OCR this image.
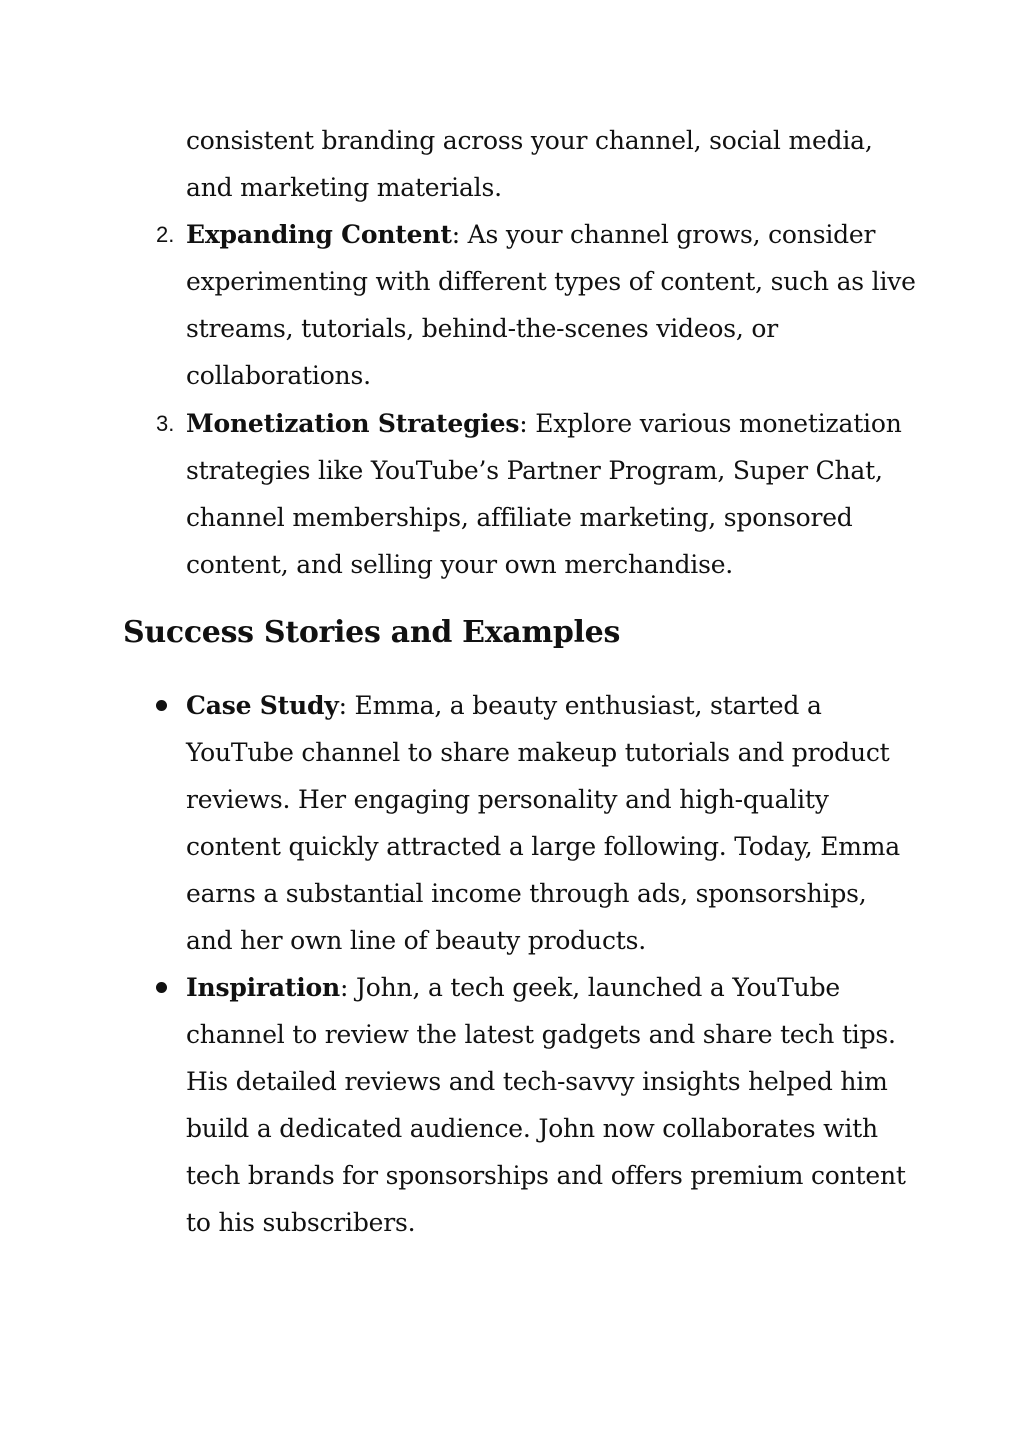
consistent branding across your channel, social media, and marketing materials.
2. Expanding Content: As your channel grows, consider experimenting with different types of content, such as live streams, tutorials, behind-the-scenes videos, or collaborations.
3. Monetization Strategies: Explore various monetization strategies like YouTube’s Partner Program, Super Chat, channel memberships, affiliate marketing, sponsored content, and selling your own merchandise.
Success Stories and Examples
Case Study: Emma, a beauty enthusiast, started a YouTube channel to share makeup tutorials and product reviews. Her engaging personality and high-quality content quickly attracted a large following. Today, Emma earns a substantial income through ads, sponsorships, and her own line of beauty products.
Inspiration: John, a tech geek, launched a YouTube channel to review the latest gadgets and share tech tips. His detailed reviews and tech-savvy insights helped him build a dedicated audience. John now collaborates with tech brands for sponsorships and offers premium content to his subscribers.
